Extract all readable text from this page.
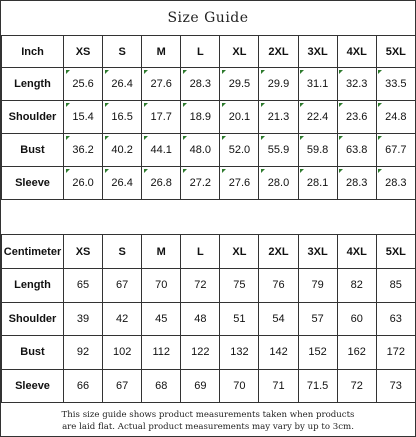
Size Guide
Inch	XS	S	M	L	XL	2XL	3XL	4XL	5XL
Length	25.6	26.4	27.6	28.3	29.5	29.9	31.1	32.3	33.5
Shoulder	15.4	16.5	17.7	18.9	20.1	21.3	22.4	23.6	24.8
Bust	36.2	40.2	44.1	48.0	52.0	55.9	59.8	63.8	67.7
Sleeve	26.0	26.4	26.8	27.2	27.6	28.0	28.1	28.3	28.3
Centimeter	XS	S	M	L	XL	2XL	3XL	4XL	5XL
Length	65	67	70	72	75	76	79	82	85
Shoulder	39	42	45	48	51	54	57	60	63
Bust	92	102	112	122	132	142	152	162	172
Sleeve	66	67	68	69	70	71	71.5	72	73
This size guide shows product measurements taken when products
are laid flat. Actual product measurements may vary by up to 3cm.
